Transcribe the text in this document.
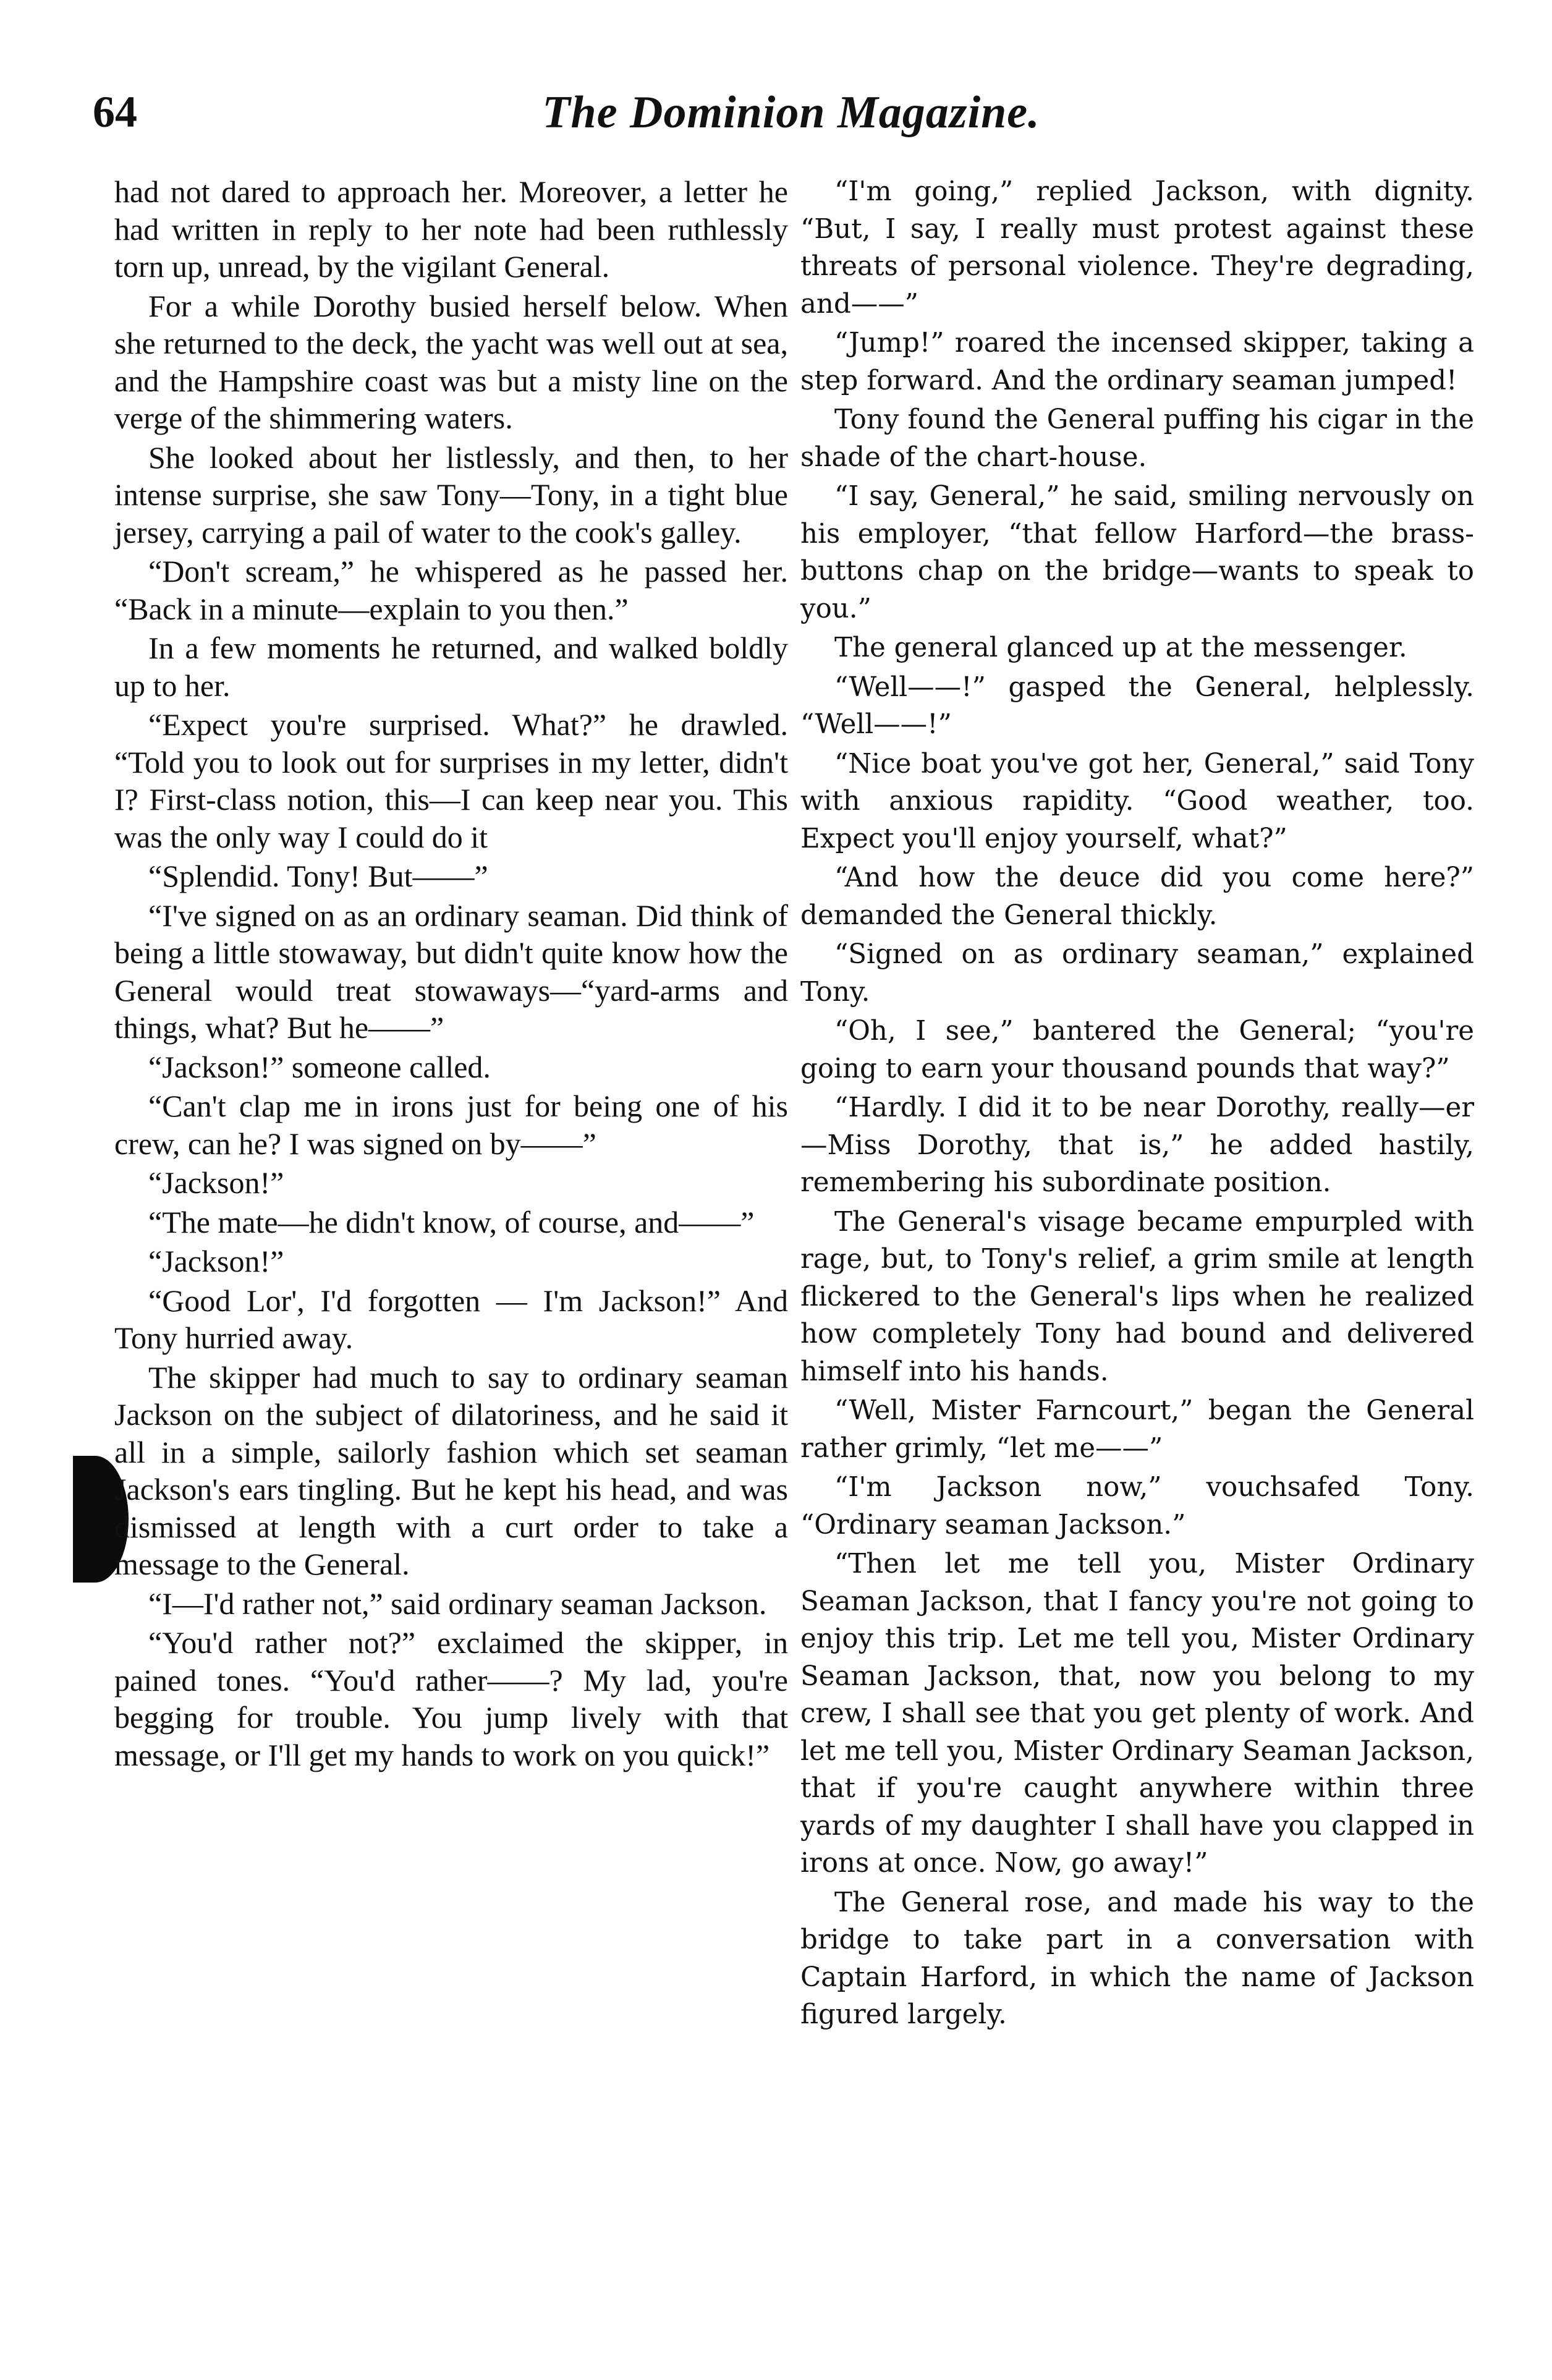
64	The Dominion Magazine.

had not dared to approach her. Moreover, a letter he had written in reply to her note had been ruthlessly torn up, unread, by the vigilant General.

For a while Dorothy busied herself below. When she returned to the deck, the yacht was well out at sea, and the Hampshire coast was but a misty line on the verge of the shimmering waters.

She looked about her listlessly, and then, to her intense surprise, she saw Tony—Tony, in a tight blue jersey, carrying a pail of water to the cook's galley.

“Don't scream,” he whispered as he passed her. “Back in a minute—explain to you then.”

In a few moments he returned, and walked boldly up to her.

“Expect you're surprised. What?” he drawled. “Told you to look out for surprises in my letter, didn't I? First-class notion, this—I can keep near you. This was the only way I could do it

“Splendid. Tony! But——”

“I've signed on as an ordinary seaman. Did think of being a little stowaway, but didn't quite know how the General would treat stowaways—“yard-arms and things, what? But he——”

“Jackson!” someone called.

“Can't clap me in irons just for being one of his crew, can he? I was signed on by——”

“Jackson!”

“The mate—he didn't know, of course, and——”

“Jackson!”

“Good Lor', I'd forgotten — I'm Jackson!” And Tony hurried away.

The skipper had much to say to ordinary seaman Jackson on the subject of dilatoriness, and he said it all in a simple, sailorly fashion which set seaman Jackson's ears tingling. But he kept his head, and was dismissed at length with a curt order to take a message to the General.

“I—I'd rather not,” said ordinary seaman Jackson.

“You'd rather not?” exclaimed the skipper, in pained tones. “You'd rather——? My lad, you're begging for trouble. You jump lively with that message, or I'll get my hands to work on you quick!”

“I'm going,” replied Jackson, with dignity. “But, I say, I really must protest against these threats of personal violence. They're degrading, and——”

“Jump!” roared the incensed skipper, taking a step forward. And the ordinary seaman jumped!

Tony found the General puffing his cigar in the shade of the chart-house.

“I say, General,” he said, smiling nervously on his employer, “that fellow Harford—the brass-buttons chap on the bridge—wants to speak to you.”

The general glanced up at the messenger.

“Well——!” gasped the General, helplessly. “Well——!”

“Nice boat you've got her, General,” said Tony with anxious rapidity. “Good weather, too. Expect you'll enjoy yourself, what?”

“And how the deuce did you come here?” demanded the General thickly.

“Signed on as ordinary seaman,” explained Tony.

“Oh, I see,” bantered the General; “you're going to earn your thousand pounds that way?”

“Hardly. I did it to be near Dorothy, really—er—Miss Dorothy, that is,” he added hastily, remembering his subordinate position.

The General's visage became empurpled with rage, but, to Tony's relief, a grim smile at length flickered to the General's lips when he realized how completely Tony had bound and delivered himself into his hands.

“Well, Mister Farncourt,” began the General rather grimly, “let me——”

“I'm Jackson now,” vouchsafed Tony. “Ordinary seaman Jackson.”

“Then let me tell you, Mister Ordinary Seaman Jackson, that I fancy you're not going to enjoy this trip. Let me tell you, Mister Ordinary Seaman Jackson, that, now you belong to my crew, I shall see that you get plenty of work. And let me tell you, Mister Ordinary Seaman Jackson, that if you're caught anywhere within three yards of my daughter I shall have you clapped in irons at once. Now, go away!”

The General rose, and made his way to the bridge to take part in a conversation with Captain Harford, in which the name of Jackson figured largely.
